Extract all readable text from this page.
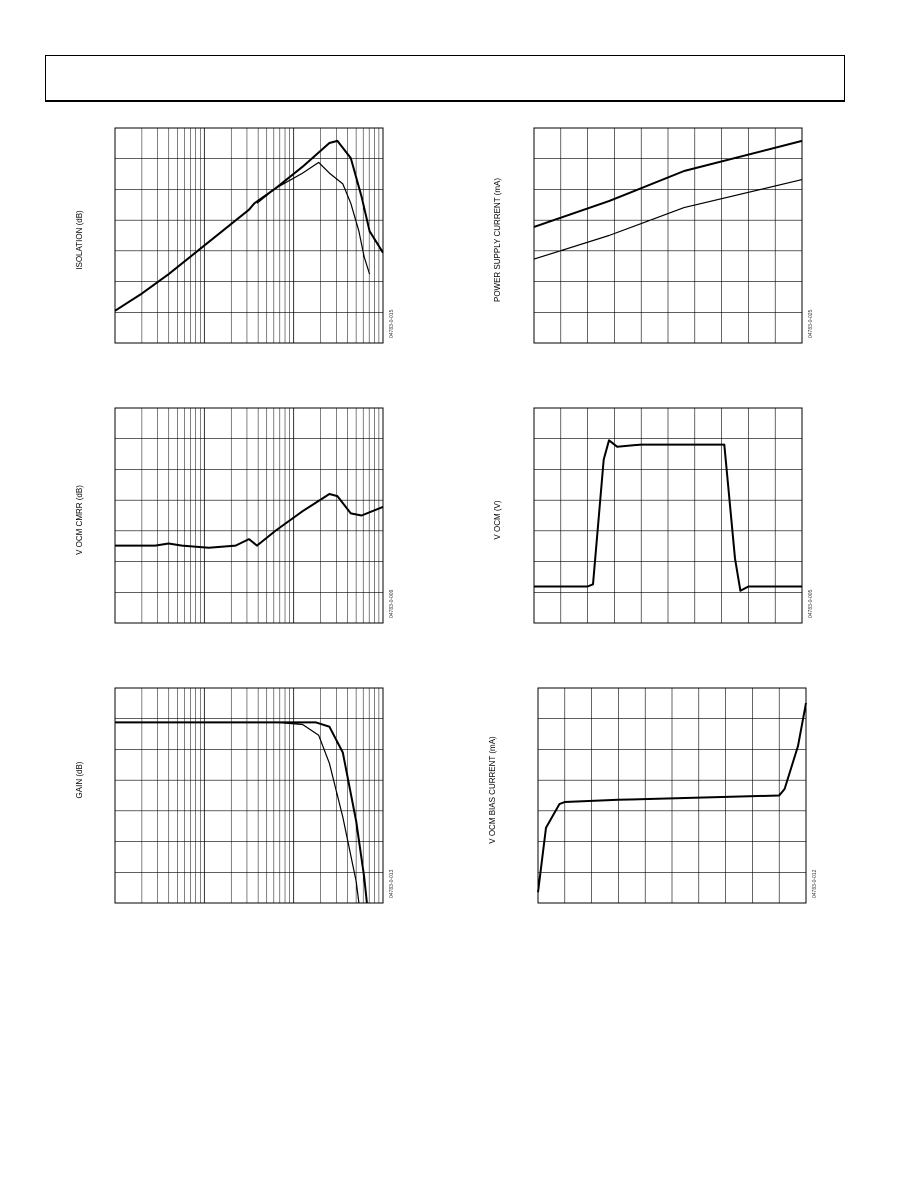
ISOLATION (dB)
04783-0-015
POWER SUPPLY CURRENT (mA)
04783-0-025
V OCM CMRR (dB)
04783-0-009
V OCM (V)
04783-0-005
GAIN (dB)
04783-0-013
V OCM BIAS CURRENT (mA)
04783-0-012
